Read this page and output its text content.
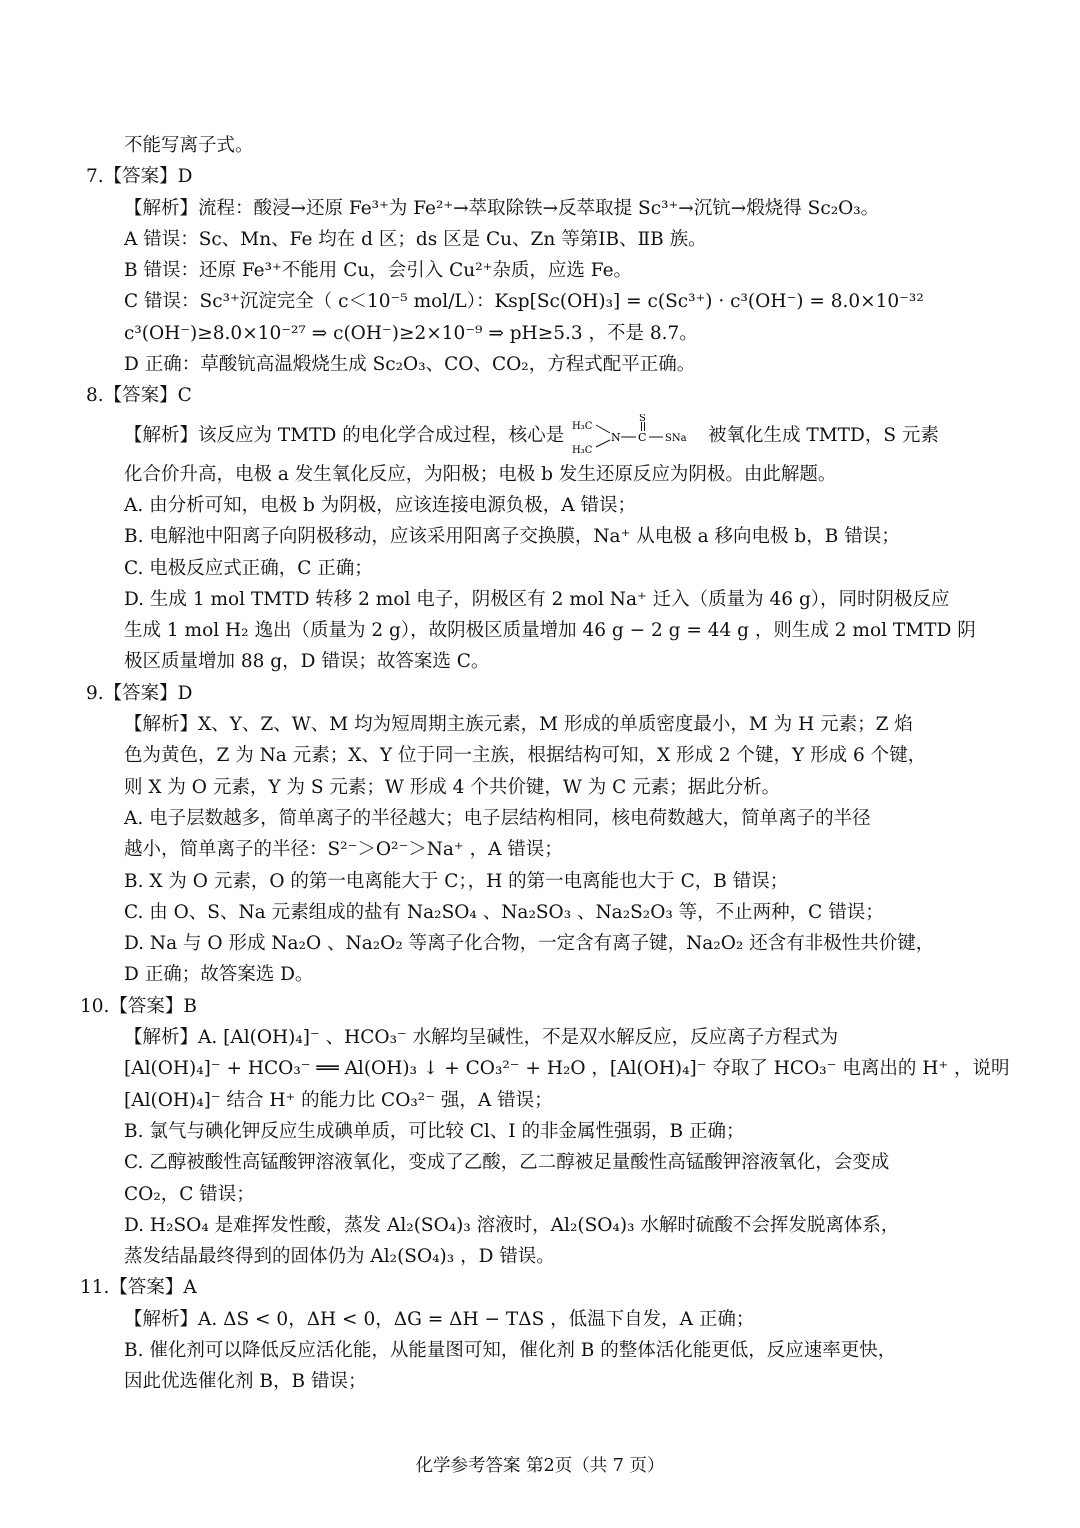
不能写离子式。
7.【答案】D
【解析】流程：酸浸→还原 Fe³⁺为 Fe²⁺→萃取除铁→反萃取提 Sc³⁺→沉钪→煅烧得 Sc₂O₃。
A 错误：Sc、Mn、Fe 均在 d 区；ds 区是 Cu、Zn 等第ⅠB、ⅡB 族。
B 错误：还原 Fe³⁺不能用 Cu，会引入 Cu²⁺杂质，应选 Fe。
C 错误：Sc³⁺沉淀完全（ c＜10⁻⁵ mol/L）：Ksp[Sc(OH)₃] = c(Sc³⁺) · c³(OH⁻) = 8.0×10⁻³²
c³(OH⁻)≥8.0×10⁻²⁷ ⇒ c(OH⁻)≥2×10⁻⁹ ⇒ pH≥5.3 ，不是 8.7。
D 正确：草酸钪高温煅烧生成 Sc₂O₃、CO、CO₂，方程式配平正确。
8.【答案】C
【解析】该反应为 TMTD 的电化学合成过程，核心是 H₃C
H₃C
N C
S
SNa 被氧化生成 TMTD，S 元素
化合价升高，电极 a 发生氧化反应，为阳极；电极 b 发生还原反应为阴极。由此解题。
A. 由分析可知，电极 b 为阴极，应该连接电源负极，A 错误；
B. 电解池中阳离子向阴极移动，应该采用阳离子交换膜，Na⁺ 从电极 a 移向电极 b，B 错误；
C. 电极反应式正确，C 正确；
D. 生成 1 mol TMTD 转移 2 mol 电子，阴极区有 2 mol Na⁺ 迁入（质量为 46 g），同时阴极反应
生成 1 mol H₂ 逸出（质量为 2 g），故阴极区质量增加 46 g − 2 g = 44 g ，则生成 2 mol TMTD 阴
极区质量增加 88 g，D 错误；故答案选 C。
9.【答案】D
【解析】X、Y、Z、W、M 均为短周期主族元素，M 形成的单质密度最小，M 为 H 元素；Z 焰
色为黄色，Z 为 Na 元素；X、Y 位于同一主族，根据结构可知，X 形成 2 个键，Y 形成 6 个键，
则 X 为 O 元素，Y 为 S 元素；W 形成 4 个共价键，W 为 C 元素；据此分析。
A. 电子层数越多，简单离子的半径越大；电子层结构相同，核电荷数越大，简单离子的半径
越小，简单离子的半径：S²⁻＞O²⁻＞Na⁺ ，A 错误；
B. X 为 O 元素，O 的第一电离能大于 C；，H 的第一电离能也大于 C，B 错误；
C. 由 O、S、Na 元素组成的盐有 Na₂SO₄ 、Na₂SO₃ 、Na₂S₂O₃ 等，不止两种，C 错误；
D. Na 与 O 形成 Na₂O 、Na₂O₂ 等离子化合物，一定含有离子键，Na₂O₂ 还含有非极性共价键，
D 正确；故答案选 D。
10.【答案】B
【解析】A. [Al(OH)₄]⁻ 、HCO₃⁻ 水解均呈碱性，不是双水解反应，反应离子方程式为
[Al(OH)₄]⁻ + HCO₃⁻ ══ Al(OH)₃ ↓ + CO₃²⁻ + H₂O ，[Al(OH)₄]⁻ 夺取了 HCO₃⁻ 电离出的 H⁺ ，说明
[Al(OH)₄]⁻ 结合 H⁺ 的能力比 CO₃²⁻ 强，A 错误；
B. 氯气与碘化钾反应生成碘单质，可比较 Cl、I 的非金属性强弱，B 正确；
C. 乙醇被酸性高锰酸钾溶液氧化，变成了乙酸，乙二醇被足量酸性高锰酸钾溶液氧化，会变成
CO₂，C 错误；
D. H₂SO₄ 是难挥发性酸，蒸发 Al₂(SO₄)₃ 溶液时，Al₂(SO₄)₃ 水解时硫酸不会挥发脱离体系，
蒸发结晶最终得到的固体仍为 Al₂(SO₄)₃ ，D 错误。
11.【答案】A
【解析】A. ΔS < 0，ΔH < 0，ΔG = ΔH − TΔS ，低温下自发，A 正确；
B. 催化剂可以降低反应活化能，从能量图可知，催化剂 B 的整体活化能更低，反应速率更快，
因此优选催化剂 B，B 错误；
化学参考答案 第2页（共 7 页）
